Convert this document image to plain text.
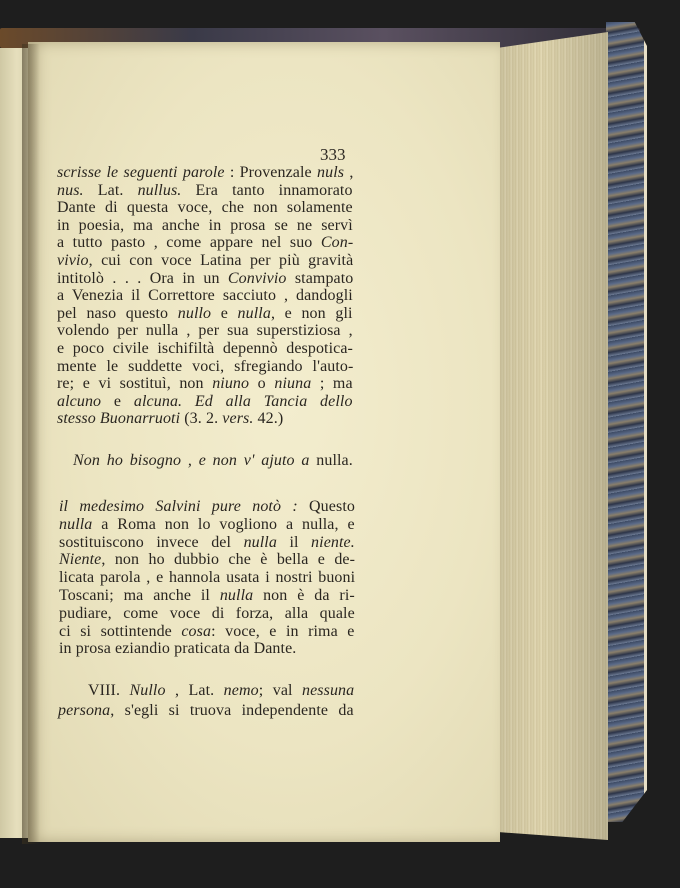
333
scrisse le seguenti parole : Provenzale nuls ,
nus. Lat. nullus. Era tanto innamorato
Dante di questa voce, che non solamente
in poesia, ma anche in prosa se ne servì
a tutto pasto , come appare nel suo Con-
vivio, cui con voce Latina per più gravità
intitolò . . . Ora in un Convivio stampato
a Venezia il Correttore sacciuto , dandogli
pel naso questo nullo e nulla, e non gli
volendo per nulla , per sua superstiziosa ,
e poco civile ischifiltà depennò despotica-
mente le suddette voci, sfregiando l'auto-
re; e vi sostituì, non niuno o niuna ; ma
alcuno e alcuna. Ed alla Tancia dello
stesso Buonarruoti (3. 2. vers. 42.)
Non ho bisogno , e non v' ajuto a nulla.
il medesimo Salvini pure notò : Questo
nulla a Roma non lo vogliono a nulla, e
sostituiscono invece del nulla il niente.
Niente, non ho dubbio che è bella e de-
licata parola , e hannola usata i nostri buoni
Toscani; ma anche il nulla non è da ri-
pudiare, come voce di forza, alla quale
ci si sottintende cosa: voce, e in rima e
in prosa eziandio praticata da Dante.
VIII. Nullo , Lat. nemo; val nessuna
persona, s'egli si truova independente da
